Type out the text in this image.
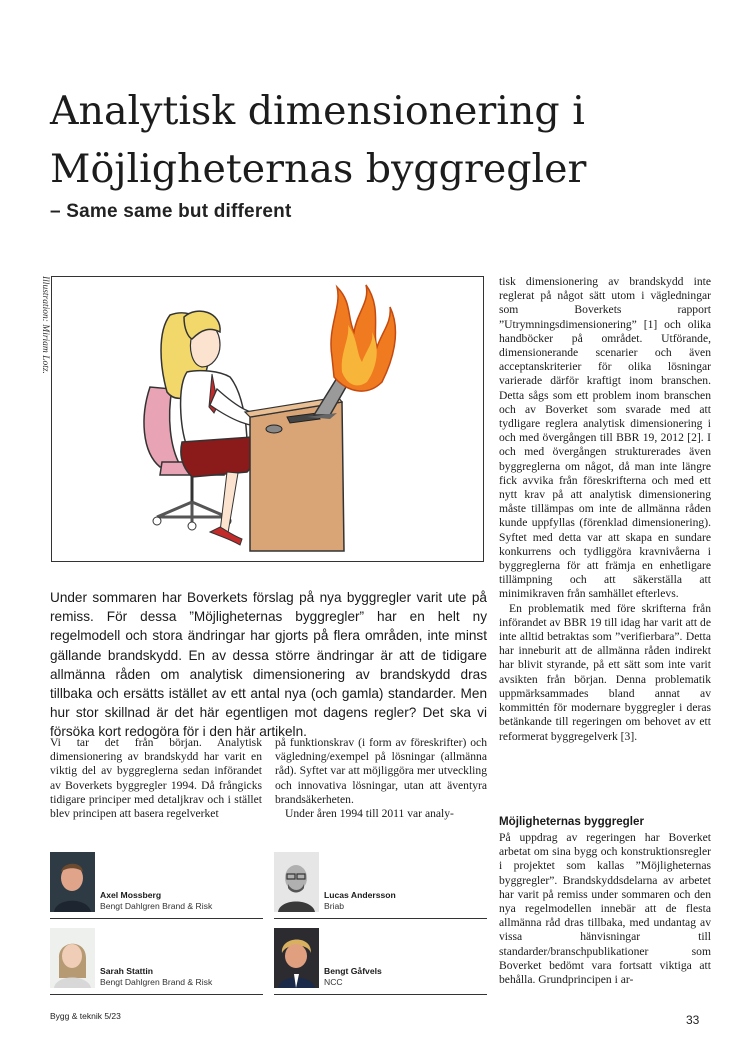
Analytisk dimensionering i
Möjligheternas byggregler
– Same same but different
Illustration: Miriam Lotz.

Under sommaren har Boverkets förslag på nya byggregler varit ute på remiss. För dessa ”Möjligheternas byggregler” har en helt ny regelmodell och stora ändringar har gjorts på flera områden, inte minst gällande brandskydd. En av dessa större ändringar är att de tidigare allmänna råden om analytisk dimensionering av brandskydd dras tillbaka och ersätts istället av ett antal nya (och gamla) standarder. Men hur stor skillnad är det här egentligen mot dagens regler? Det ska vi försöka kort redogöra för i den här artikeln.

Vi tar det från början. Analytisk dimensionering av brandskydd har varit en viktig del av byggreglerna sedan införandet av Boverkets byggregler 1994. Då frångicks tidigare principer med detaljkrav och i stället blev principen att basera regelverket

på funktionskrav (i form av föreskrifter) och vägledning/exempel på lösningar (allmänna råd). Syftet var att möjliggöra mer utveckling och innovativa lösningar, utan att äventyra brandsäkerheten.

Under åren 1994 till 2011 var analy-

tisk dimensionering av brandskydd inte reglerat på något sätt utom i vägledningar som Boverkets rapport ”Utrymningsdimensionering” [1] och olika handböcker på området. Utförande, dimensionerande scenarier och även acceptanskriterier för olika lösningar varierade därför kraftigt inom branschen. Detta sågs som ett problem inom branschen och av Boverket som svarade med att tydligare reglera analytisk dimensionering i och med övergången till BBR 19, 2012 [2]. I och med övergången strukturerades även byggreglerna om något, då man inte längre fick avvika från föreskrifterna och med ett nytt krav på att analytisk dimensionering måste tillämpas om inte de allmänna råden kunde uppfyllas (förenklad dimensionering). Syftet med detta var att skapa en sundare konkurrens och tydliggöra kravnivåerna i byggreglerna för att främja en enhetligare tillämpning och att säkerställa att minimikraven från samhället efterlevs.

En problematik med före skrifterna från införandet av BBR 19 till idag har varit att de inte alltid betraktas som ”verifierbara”. Detta har inneburit att de allmänna råden indirekt har blivit styrande, på ett sätt som inte varit avsikten från början. Denna problematik uppmärksammades bland annat av kommittén för modernare byggregler i deras betänkande till regeringen om behovet av ett reformerat byggregelverk [3].

Möjligheternas byggregler

På uppdrag av regeringen har Boverket arbetat om sina bygg och konstruktionsregler i projektet som kallas ”Möjligheternas byggregler”. Brandskyddsdelarna av arbetet har varit på remiss under sommaren och den nya regelmodellen innebär att de flesta allmänna råd dras tillbaka, med undantag av vissa hänvisningar till standarder/branschpublikationer som Boverket bedömt vara fortsatt viktiga att behålla. Grundprincipen i ar-

Axel Mossberg
Bengt Dahlgren Brand & Risk
Lucas Andersson
Briab
Sarah Stattin
Bengt Dahlgren Brand & Risk
Bengt Gåfvels
NCC
Bygg & teknik 5/23	33
